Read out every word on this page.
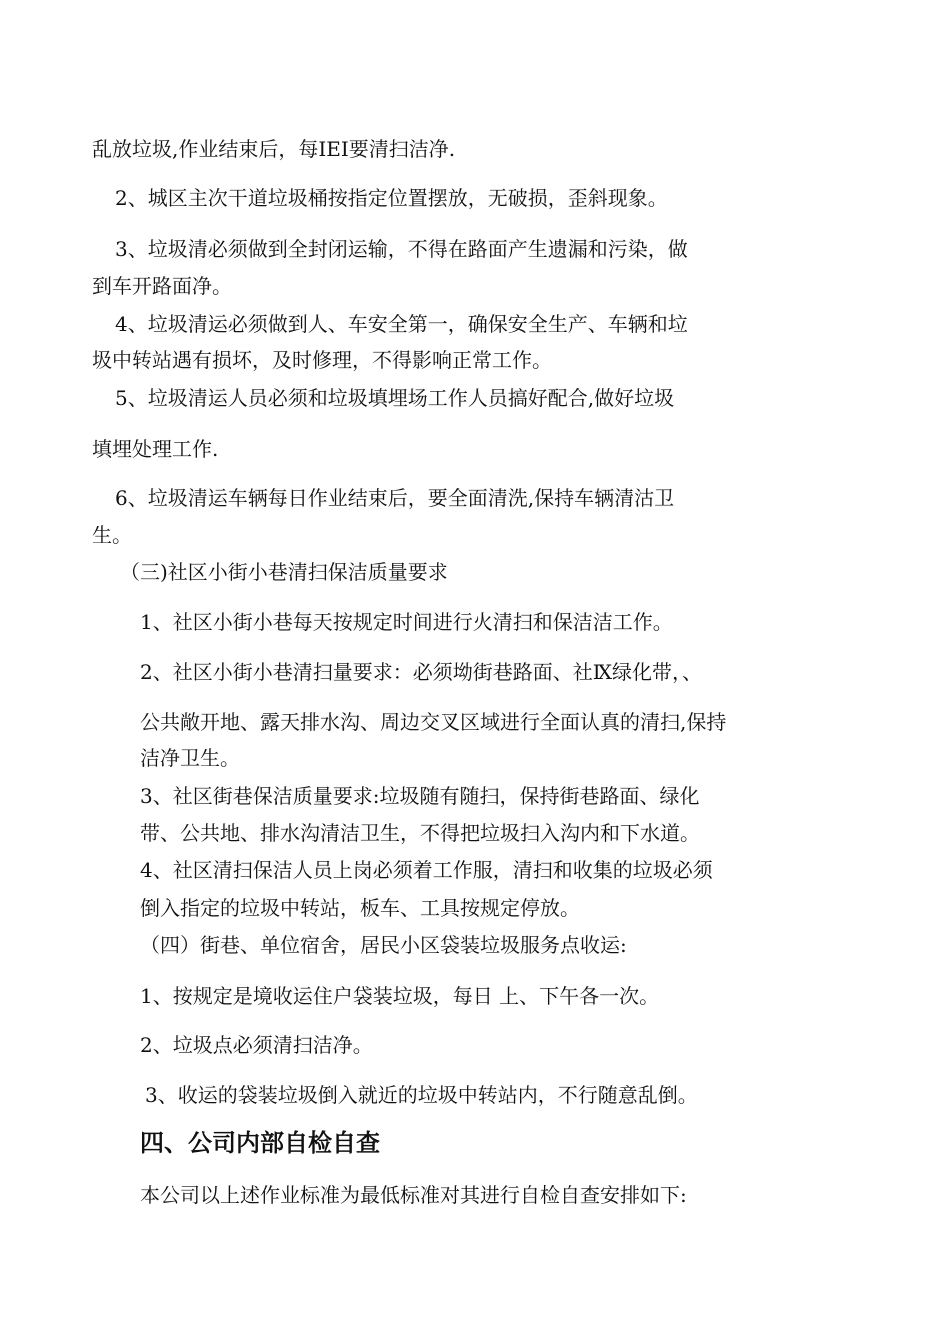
乱放垃圾,作业结束后，每IEI要清扫洁净.
2、城区主次干道垃圾桶按指定位置摆放，无破损，歪斜现象。
3、垃圾清必须做到全封闭运输，不得在路面产生遗漏和污染，做
到车开路面净。
4、垃圾清运必须做到人、车安全第一，确保安全生产、车辆和垃
圾中转站遇有损坏，及时修理，不得影响正常工作。
5、垃圾清运人员必须和垃圾填埋场工作人员搞好配合,做好垃圾
填埋处理工作.
6、垃圾清运车辆每日作业结束后，要全面清洗,保持车辆清沽卫
生。
（三)社区小街小巷清扫保洁质量要求
1、社区小街小巷每天按规定时间进行火清扫和保洁洁工作。
2、社区小街小巷清扫量要求：必须坳街巷路面、社Ⅸ绿化带，、
公共敞开地、露天排水沟、周边交叉区域进行全面认真的清扫,保持
洁净卫生。
3、社区街巷保洁质量要求:垃圾随有随扫，保持街巷路面、绿化
带、公共地、排水沟清洁卫生，不得把垃圾扫入沟内和下水道。
4、社区清扫保洁人员上岗必须着工作服，清扫和收集的垃圾必须
倒入指定的垃圾中转站，板车、工具按规定停放。
（四）街巷、单位宿舍，居民小区袋装垃圾服务点收运:
1、按规定是境收运住户袋装垃圾，每日 上、下午各一次。
2、垃圾点必须清扫洁净。
3、收运的袋装垃圾倒入就近的垃圾中转站内，不行随意乱倒。
四、公司内部自检自查
本公司以上述作业标准为最低标准对其进行自检自查安排如下:
